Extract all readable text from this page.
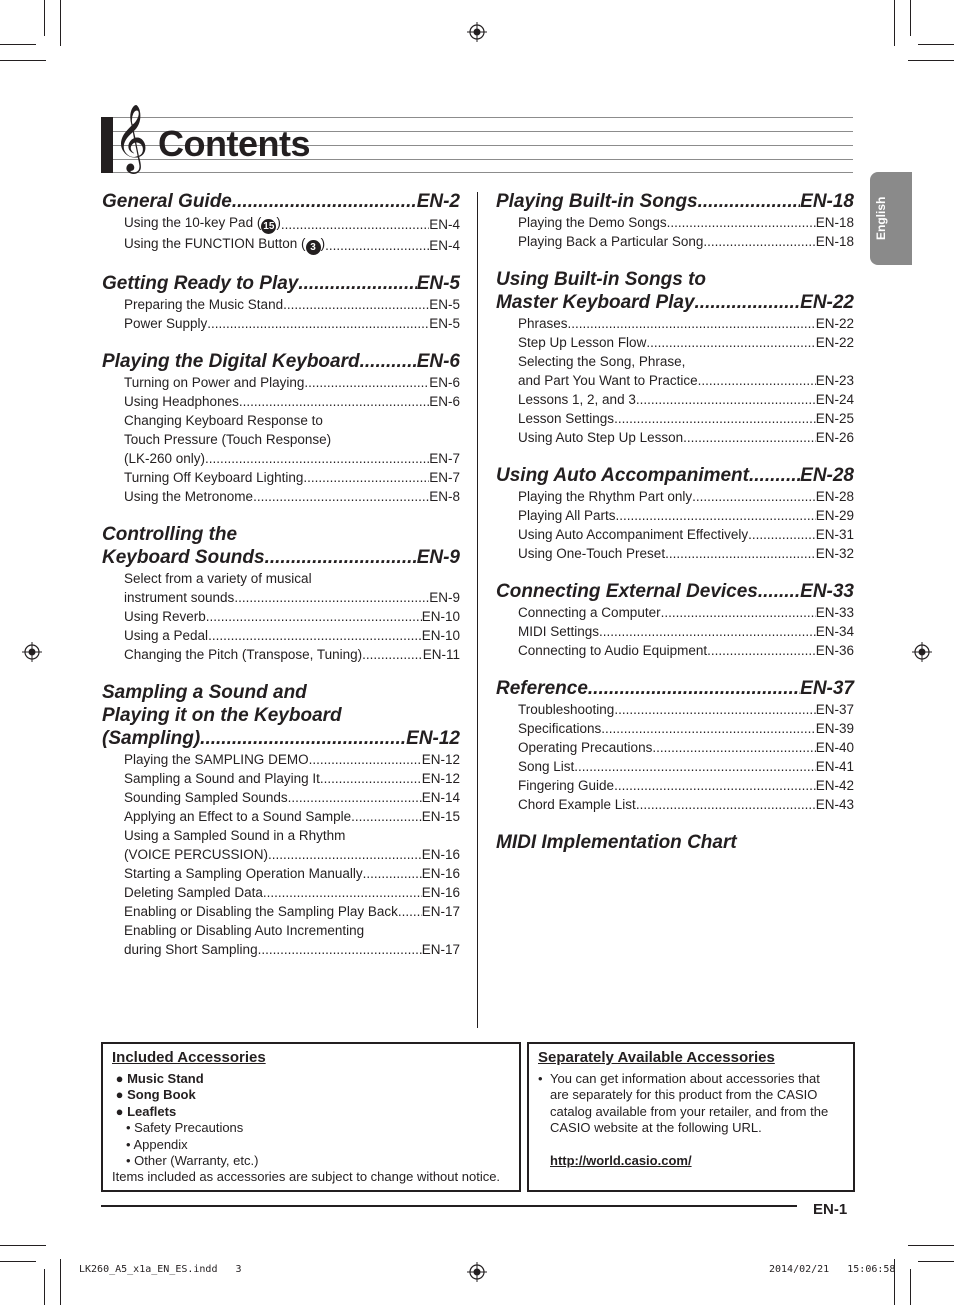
𝄞 Contents
English
General Guide .....	EN-2
Using the 10-key Pad ( 15 ) .....	EN-4
Using the FUNCTION Button ( 3 ) .....	EN-4
Getting Ready to Play .....	EN-5
Preparing the Music Stand .....	EN-5
Power Supply .....	EN-5
Playing the Digital Keyboard .....	EN-6
Turning on Power and Playing .....	EN-6
Using Headphones .....	EN-6
Changing Keyboard Response to
Touch Pressure (Touch Response)
(LK-260 only) .....	EN-7
Turning Off Keyboard Lighting .....	EN-7
Using the Metronome .....	EN-8
Controlling the
Keyboard Sounds .....	EN-9
Select from a variety of musical
instrument sounds .....	EN-9
Using Reverb .....	EN-10
Using a Pedal .....	EN-10
Changing the Pitch (Transpose, Tuning) .....	EN-11
Sampling a Sound and
Playing it on the Keyboard
(Sampling) .....	EN-12
Playing the SAMPLING DEMO .....	EN-12
Sampling a Sound and Playing It .....	EN-12
Sounding Sampled Sounds .....	EN-14
Applying an Effect to a Sound Sample .....	EN-15
Using a Sampled Sound in a Rhythm
(VOICE PERCUSSION) .....	EN-16
Starting a Sampling Operation Manually .....	EN-16
Deleting Sampled Data .....	EN-16
Enabling or Disabling the Sampling Play Back ..... EN-17
Enabling or Disabling Auto Incrementing
during Short Sampling .....	EN-17
Playing Built-in Songs .....	EN-18
Playing the Demo Songs .....	EN-18
Playing Back a Particular Song .....	EN-18
Using Built-in Songs to
Master Keyboard Play .....	EN-22
Phrases .....	EN-22
Step Up Lesson Flow .....	EN-22
Selecting the Song, Phrase,
and Part You Want to Practice .....	EN-23
Lessons 1, 2, and 3 .....	EN-24
Lesson Settings .....	EN-25
Using Auto Step Up Lesson .....	EN-26
Using Auto Accompaniment .....	EN-28
Playing the Rhythm Part only .....	EN-28
Playing All Parts .....	EN-29
Using Auto Accompaniment Effectively .....	EN-31
Using One-Touch Preset .....	EN-32
Connecting External Devices ..... EN-33
Connecting a Computer .....	EN-33
MIDI Settings .....	EN-34
Connecting to Audio Equipment .....	EN-36
Reference .....	EN-37
Troubleshooting .....	EN-37
Specifications .....	EN-39
Operating Precautions .....	EN-40
Song List .....	EN-41
Fingering Guide .....	EN-42
Chord Example List .....	EN-43
MIDI Implementation Chart
Included Accessories
● Music Stand
● Song Book
● Leaflets
• Safety Precautions
• Appendix
• Other (Warranty, etc.)
Items included as accessories are subject to change without notice.
Separately Available Accessories
• You can get information about accessories that are separately for this product from the CASIO catalog available from your retailer, and from the CASIO website at the following URL.
http://world.casio.com/
EN-1
LK260_A5_x1a_EN_ES.indd   3	2014/02/21   15:06:58
